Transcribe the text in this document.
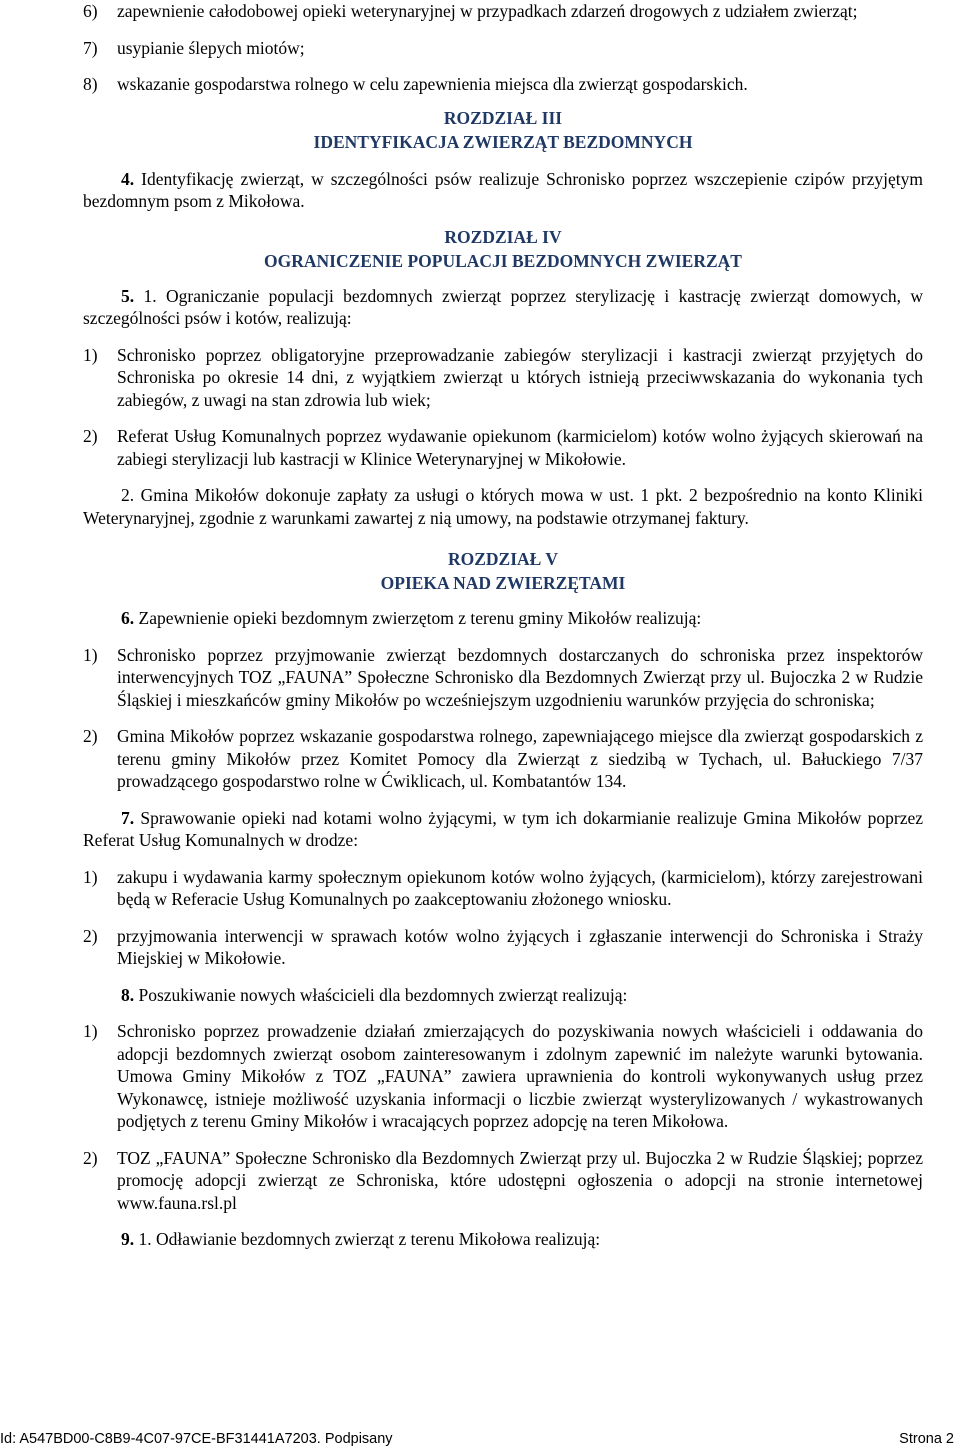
6)	zapewnienie całodobowej opieki weterynaryjnej w przypadkach zdarzeń drogowych z udziałem zwierząt;
7)	usypianie ślepych miotów;
8)	wskazanie gospodarstwa rolnego w celu zapewnienia miejsca dla zwierząt gospodarskich.

ROZDZIAŁ III

IDENTYFIKACJA ZWIERZĄT BEZDOMNYCH

4. Identyfikację zwierząt, w szczególności psów realizuje Schronisko poprzez wszczepienie czipów przyjętym bezdomnym psom z Mikołowa.

ROZDZIAŁ IV

OGRANICZENIE POPULACJI BEZDOMNYCH ZWIERZĄT

5. 1. Ograniczanie populacji bezdomnych zwierząt poprzez sterylizację i kastrację zwierząt domowych, w szczególności psów i kotów, realizują:

1)	Schronisko poprzez obligatoryjne przeprowadzanie zabiegów sterylizacji i kastracji zwierząt przyjętych do Schroniska po okresie 14 dni, z wyjątkiem zwierząt u których istnieją przeciwwskazania do wykonania tych zabiegów, z uwagi na stan zdrowia lub wiek;
2)	Referat Usług Komunalnych poprzez wydawanie opiekunom (karmicielom) kotów wolno żyjących skierowań na zabiegi sterylizacji lub kastracji w Klinice Weterynaryjnej w Mikołowie.

2. Gmina Mikołów dokonuje zapłaty za usługi o których mowa w ust. 1 pkt. 2 bezpośrednio na konto Kliniki Weterynaryjnej, zgodnie z warunkami zawartej z nią umowy, na podstawie otrzymanej faktury.

ROZDZIAŁ V

OPIEKA NAD ZWIERZĘTAMI

6. Zapewnienie opieki bezdomnym zwierzętom z terenu gminy Mikołów realizują:

1)	Schronisko poprzez przyjmowanie zwierząt bezdomnych dostarczanych do schroniska przez inspektorów interwencyjnych TOZ „FAUNA” Społeczne Schronisko dla Bezdomnych Zwierząt przy ul. Bujoczka 2 w Rudzie Śląskiej i mieszkańców gminy Mikołów po wcześniejszym uzgodnieniu warunków przyjęcia do schroniska;
2)	Gmina Mikołów poprzez wskazanie gospodarstwa rolnego, zapewniającego miejsce dla zwierząt gospodarskich z terenu gminy Mikołów przez Komitet Pomocy dla Zwierząt z siedzibą w Tychach, ul. Bałuckiego 7/37 prowadzącego gospodarstwo rolne w Ćwiklicach, ul. Kombatantów 134.

7. Sprawowanie opieki nad kotami wolno żyjącymi, w tym ich dokarmianie realizuje Gmina Mikołów poprzez Referat Usług Komunalnych w drodze:

1)	zakupu i wydawania karmy społecznym opiekunom kotów wolno żyjących, (karmicielom), którzy zarejestrowani będą w Referacie Usług Komunalnych po zaakceptowaniu złożonego wniosku.
2)	przyjmowania interwencji w sprawach kotów wolno żyjących i zgłaszanie interwencji do Schroniska i Straży Miejskiej w Mikołowie.

8. Poszukiwanie nowych właścicieli dla bezdomnych zwierząt realizują:

1)	Schronisko poprzez prowadzenie działań zmierzających do pozyskiwania nowych właścicieli i oddawania do adopcji bezdomnych zwierząt osobom zainteresowanym i zdolnym zapewnić im należyte warunki bytowania. Umowa Gminy Mikołów z TOZ „FAUNA” zawiera uprawnienia do kontroli wykonywanych usług przez Wykonawcę, istnieje możliwość uzyskania informacji o liczbie zwierząt wysterylizowanych / wykastrowanych podjętych z terenu Gminy Mikołów i wracających poprzez adopcję na teren Mikołowa.
2)	TOZ „FAUNA” Społeczne Schronisko dla Bezdomnych Zwierząt przy ul. Bujoczka 2 w Rudzie Śląskiej; poprzez promocję adopcji zwierząt ze Schroniska, które udostępni ogłoszenia o adopcji na stronie internetowej www.fauna.rsl.pl

9. 1. Odławianie bezdomnych zwierząt z terenu Mikołowa realizują:

Id: A547BD00-C8B9-4C07-97CE-BF31441A7203. Podpisany	Strona 2
